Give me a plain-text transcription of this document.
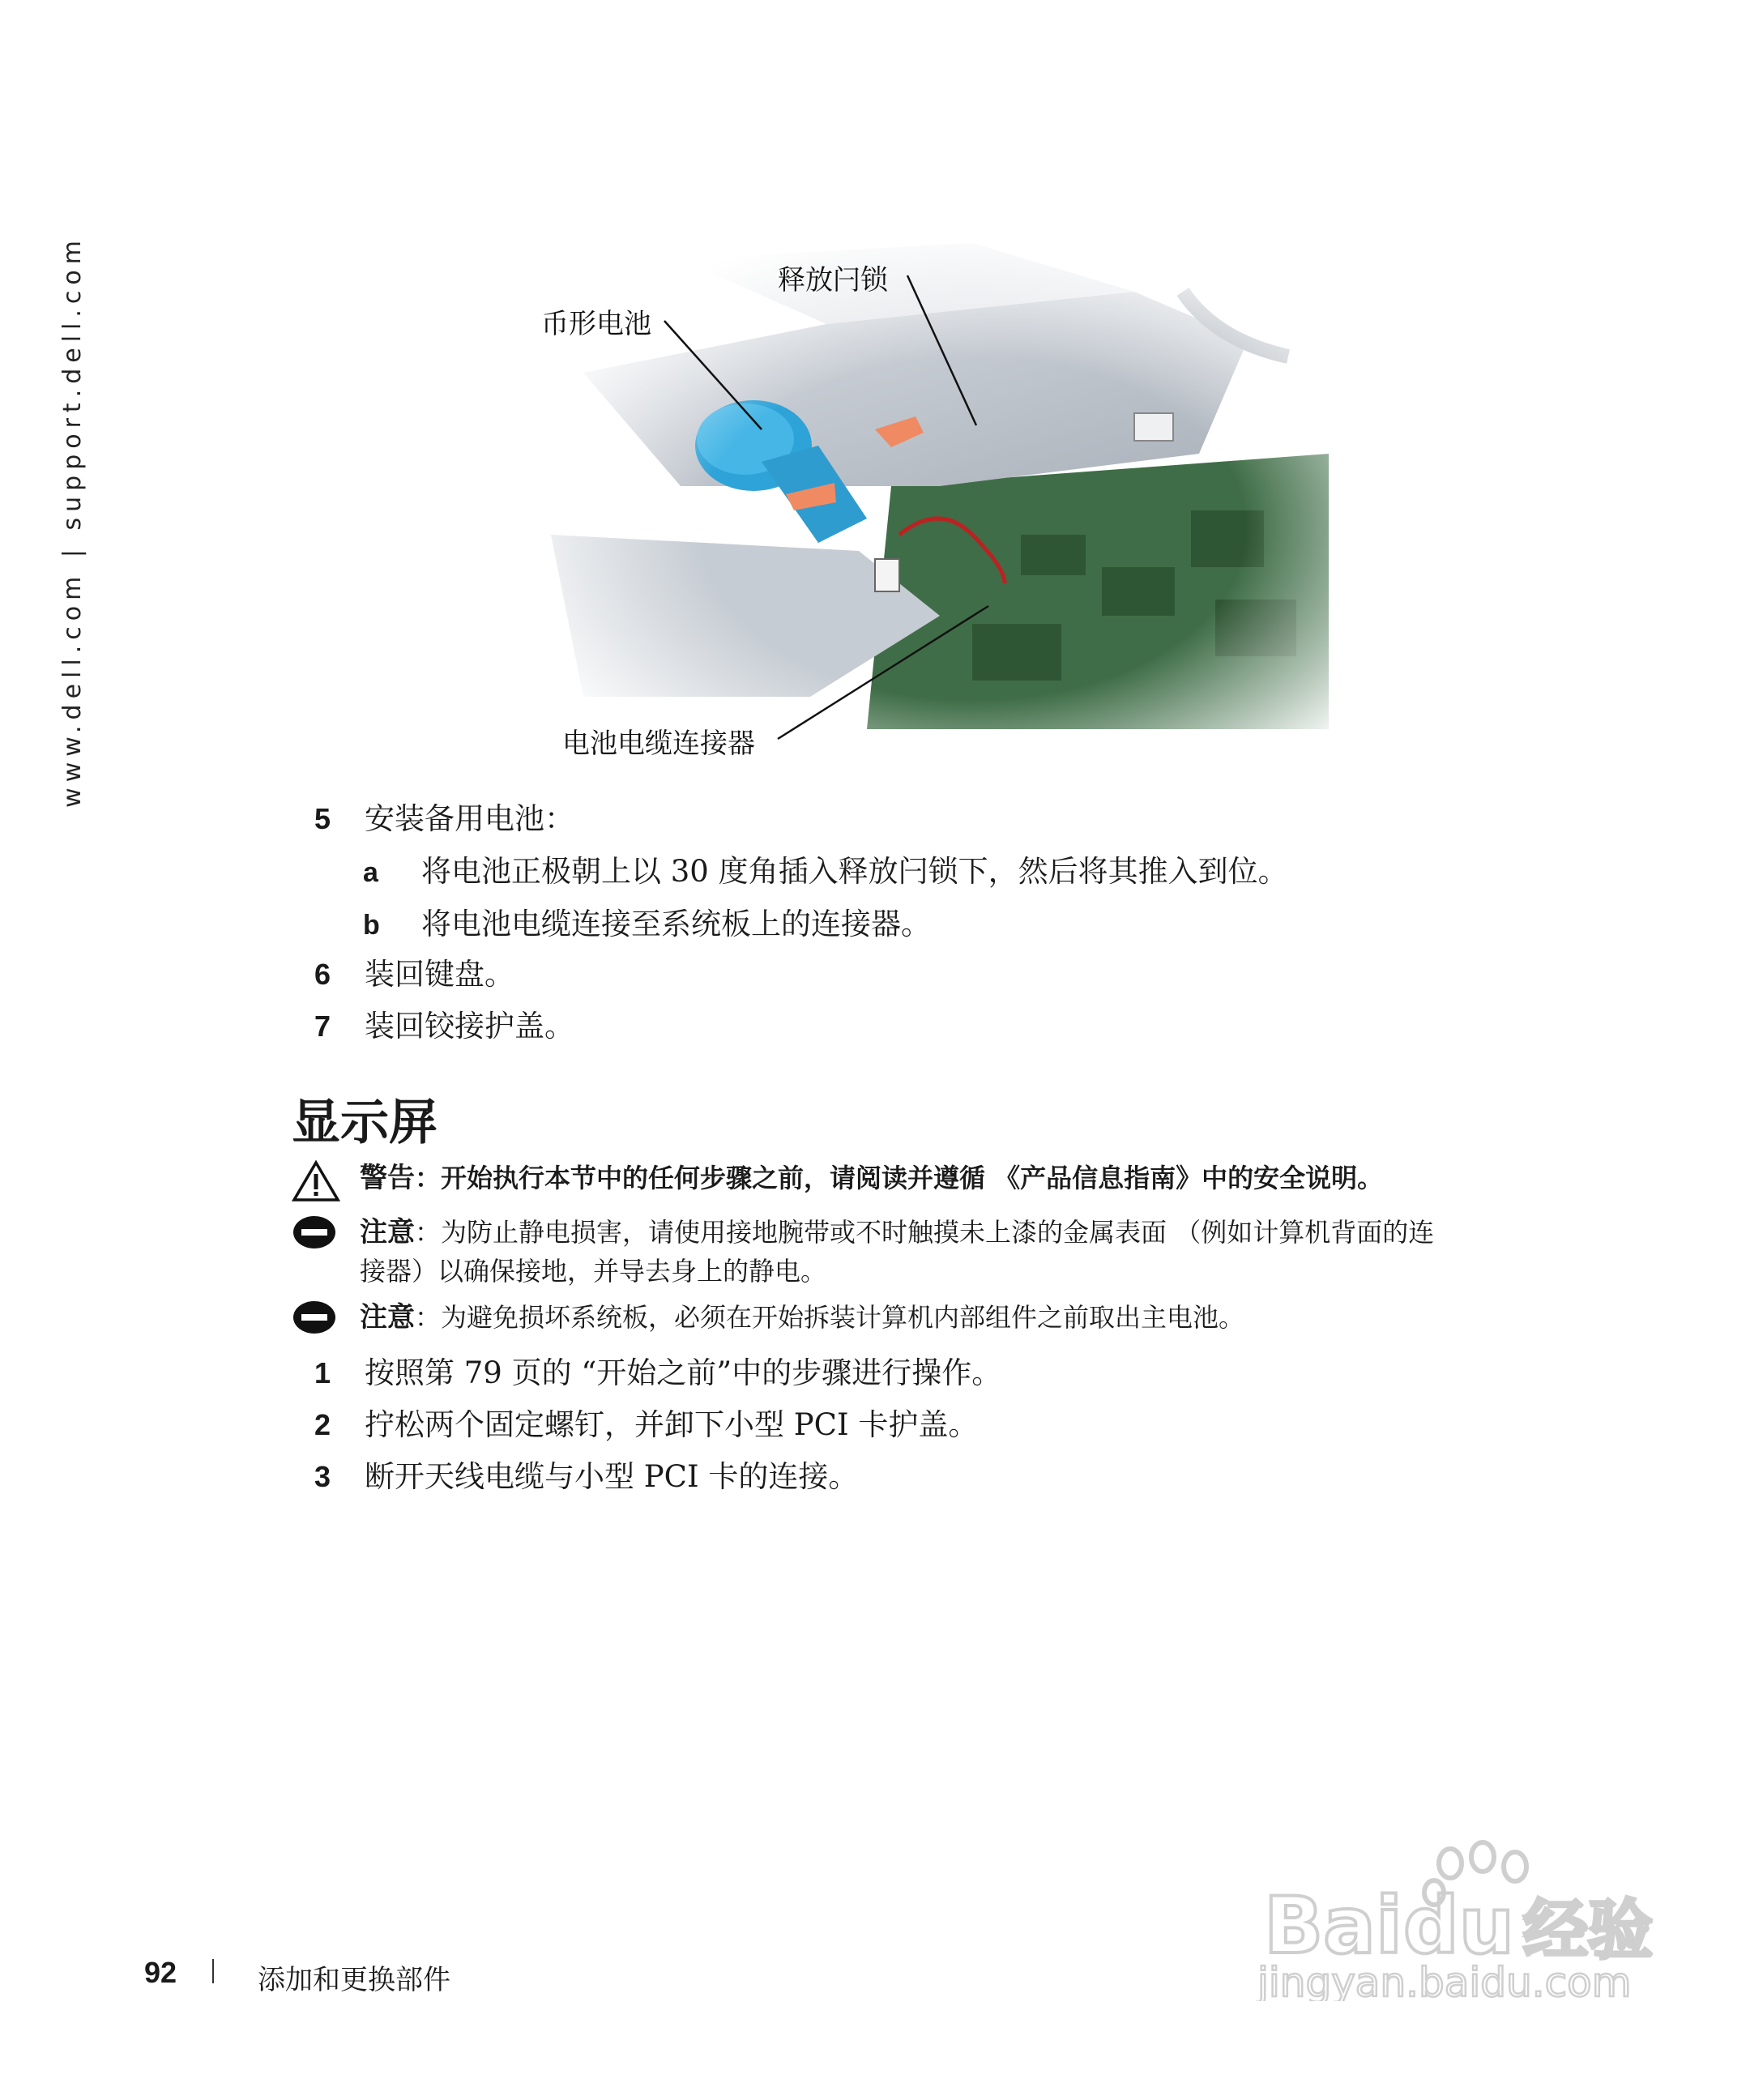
www.dell.com | support.dell.com	释放闩锁
币形电池
电池电缆连接器
5 安装备用电池：
a 将电池正极朝上以 30 度角插入释放闩锁下，然后将其推入到位。
b 将电池电缆连接至系统板上的连接器。
6 装回键盘。
7 装回铰接护盖。
显示屏
警告：开始执行本节中的任何步骤之前，请阅读并遵循 《产品信息指南》中的安全说明。
注意：为防止静电损害，请使用接地腕带或不时触摸未上漆的金属表面 （例如计算机背面的连
接器）以确保接地，并导去身上的静电。
注意：为避免损坏系统板，必须在开始拆装计算机内部组件之前取出主电池。
1 按照第 79 页的 “开始之前”中的步骤进行操作。
2 拧松两个固定螺钉，并卸下小型 PCI 卡护盖。
3 断开天线电缆与小型 PCI 卡的连接。
Bai du 经验
jingyan.baidu.com
92	添加和更换部件
